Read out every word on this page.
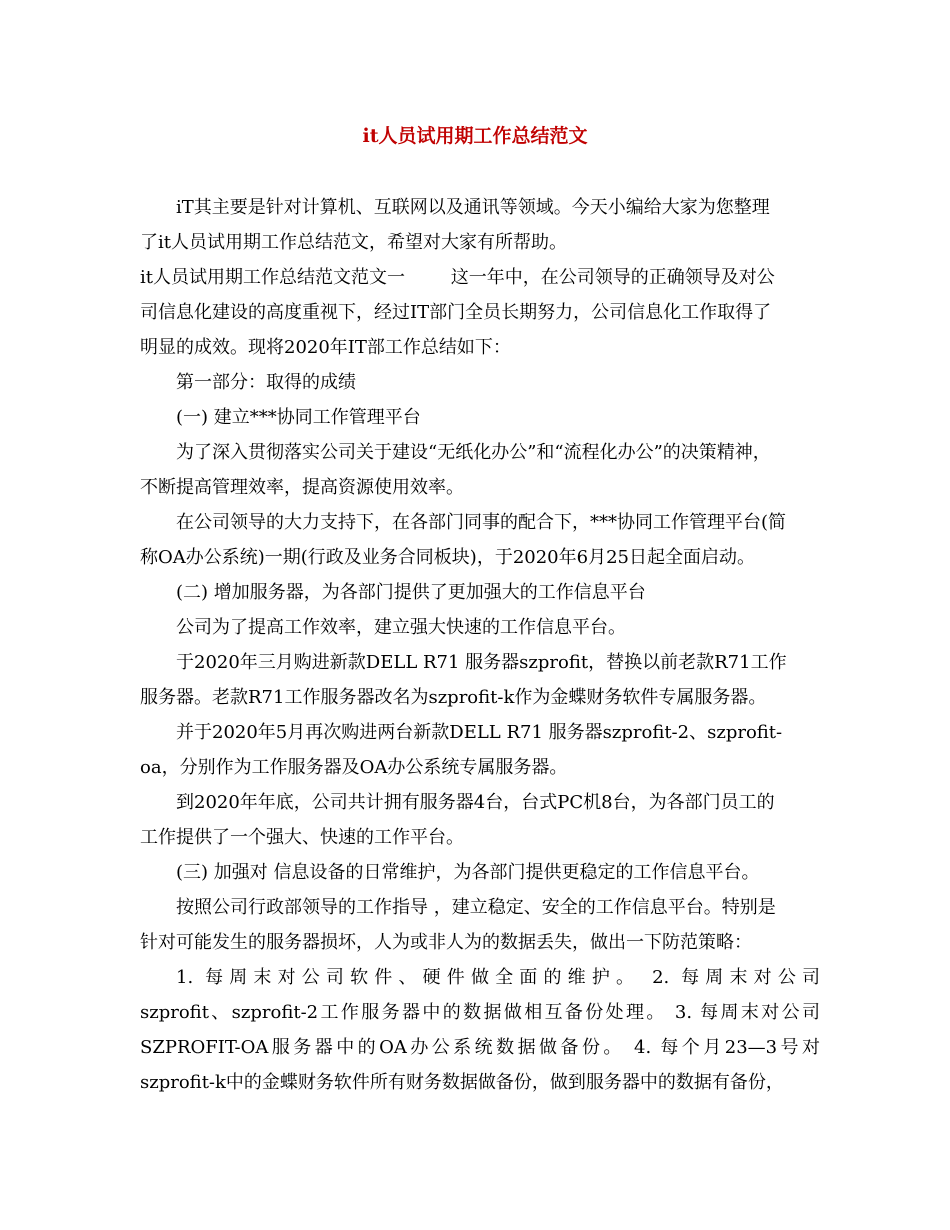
it人员试用期工作总结范文
iT其主要是针对计算机、互联网以及通讯等领域。今天小编给大家为您整理
了it人员试用期工作总结范文，希望对大家有所帮助。
it人员试用期工作总结范文范文一        这一年中，在公司领导的正确领导及对公
司信息化建设的高度重视下，经过IT部门全员长期努力，公司信息化工作取得了
明显的成效。现将2020年IT部工作总结如下：
第一部分：取得的成绩
(一) 建立***协同工作管理平台
为了深入贯彻落实公司关于建设“无纸化办公”和“流程化办公”的决策精神，
不断提高管理效率，提高资源使用效率。
在公司领导的大力支持下，在各部门同事的配合下，***协同工作管理平台(简
称OA办公系统)一期(行政及业务合同板块)，于2020年6月25日起全面启动。
(二) 增加服务器，为各部门提供了更加强大的工作信息平台
公司为了提高工作效率，建立强大快速的工作信息平台。
于2020年三月购进新款DELL R71 服务器szprofit，替换以前老款R71工作
服务器。老款R71工作服务器改名为szprofit-k作为金蝶财务软件专属服务器。
并于2020年5月再次购进两台新款DELL R71 服务器szprofit-2、szprofit-
oa，分别作为工作服务器及OA办公系统专属服务器。
到2020年年底，公司共计拥有服务器4台，台式PC机8台，为各部门员工的
工作提供了一个强大、快速的工作平台。
(三) 加强对 信息设备的日常维护，为各部门提供更稳定的工作信息平台。
按照公司行政部领导的工作指导 ，建立稳定、安全的工作信息平台。特别是
针对可能发生的服务器损坏，人为或非人为的数据丢失，做出一下防范策略：
1. 每周末对公司软件、硬件做全面的维护。 2. 每周末对公司
szprofit、szprofit-2工作服务器中的数据做相互备份处理。 3. 每周末对公司
SZPROFIT-OA服务器中的OA办公系统数据做备份。 4. 每个月23—3号对
szprofit-k中的金蝶财务软件所有财务数据做备份，做到服务器中的数据有备份，
